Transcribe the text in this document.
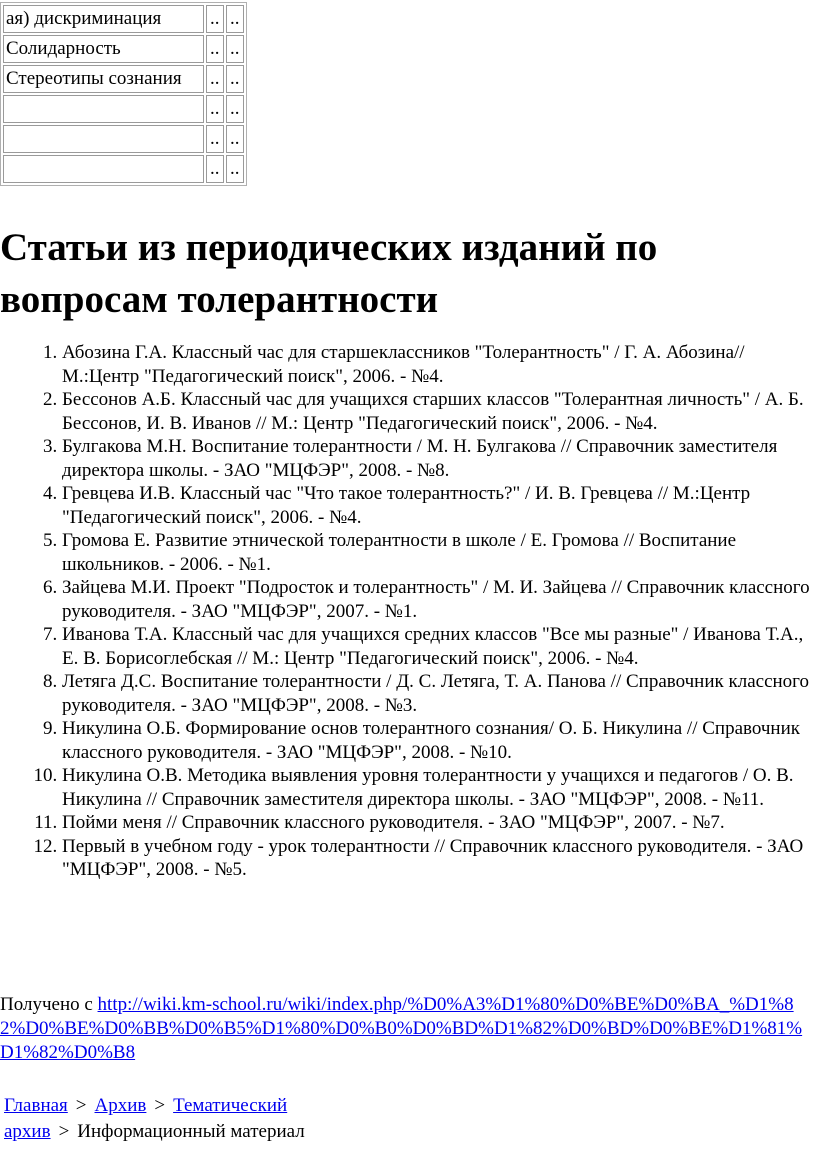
ая) дискриминация	..	..
Солидарность	..	..
Стереотипы сознания	..	..
	..	..
	..	..
	..	..
Статьи из периодических изданий по вопросам толерантности
1. Абозина Г.А. Классный час для старшеклассников "Толерантность" / Г. А. Абозина// М.:Центр "Педагогический поиск", 2006. - №4.
2. Бессонов А.Б. Классный час для учащихся старших классов "Толерантная личность" / А. Б. Бессонов, И. В. Иванов // М.: Центр "Педагогический поиск", 2006. - №4.
3. Булгакова М.Н. Воспитание толерантности / М. Н. Булгакова // Справочник заместителя директора школы. - ЗАО "МЦФЭР", 2008. - №8.
4. Гревцева И.В. Классный час "Что такое толерантность?" / И. В. Гревцева // М.:Центр "Педагогический поиск", 2006. - №4.
5. Громова Е. Развитие этнической толерантности в школе / Е. Громова // Воспитание школьников. - 2006. - №1.
6. Зайцева М.И. Проект "Подросток и толерантность" / М. И. Зайцева // Справочник классного руководителя. - ЗАО "МЦФЭР", 2007. - №1.
7. Иванова Т.А. Классный час для учащихся средних классов "Все мы разные" / Иванова Т.А., Е. В. Борисоглебская // М.: Центр "Педагогический поиск", 2006. - №4.
8. Летяга Д.С. Воспитание толерантности / Д. С. Летяга, Т. А. Панова // Справочник классного руководителя. - ЗАО "МЦФЭР", 2008. - №3.
9. Никулина О.Б. Формирование основ толерантного сознания/ О. Б. Никулина // Справочник классного руководителя. - ЗАО "МЦФЭР", 2008. - №10.
10. Никулина О.В. Методика выявления уровня толерантности у учащихся и педагогов / О. В. Никулина // Справочник заместителя директора школы. - ЗАО "МЦФЭР", 2008. - №11.
11. Пойми меня // Справочник классного руководителя. - ЗАО "МЦФЭР", 2007. - №7.
12. Первый в учебном году - урок толерантности // Справочник классного руководителя. - ЗАО "МЦФЭР", 2008. - №5.
Получено с http://wiki.km-school.ru/wiki/index.php/%D0%A3%D1%80%D0%BE%D0%BA_%D1%82%D0%BE%D0%BB%D0%B5%D1%80%D0%B0%D0%BD%D1%82%D0%BD%D0%BE%D1%81%D1%82%D0%B8
Главная > Архив > Тематический архив > Информационный материал
